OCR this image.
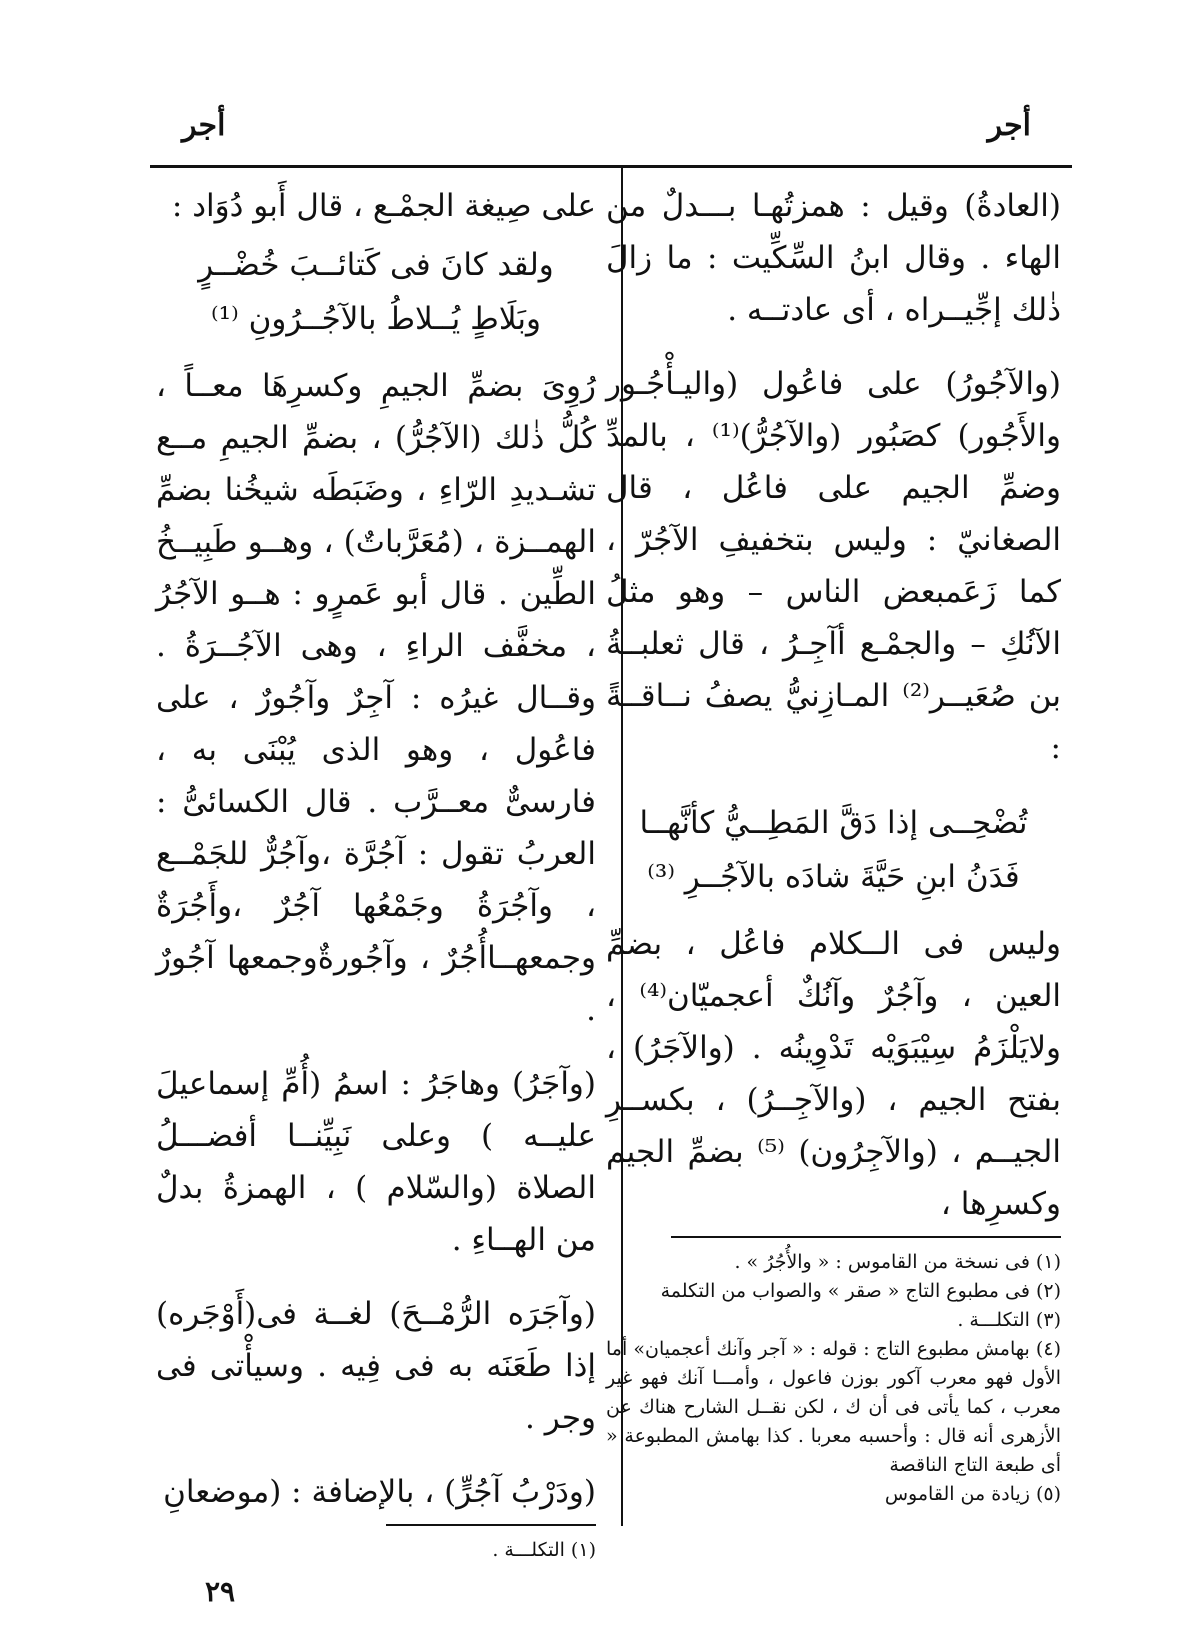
أجر
أجر

(العادةُ) وقيل : همزتُهـا بـــدلٌ من الهاء . وقال ابنُ السِّكِّيت : ما زالَ ذٰلك إجِّيــراه ، أى عادتــه .

(والآجُورُ) على فاعُول (واليـأْجُـور والأَجُور) كصَبُور (والآجُرُّ)⁽¹⁾ ، بالمدِّ وضمِّ الجيم على فاعُل ، قال الصغانيّ : وليس بتخفيفِ الآجُرّ ، كما زَعَمبعض الناس – وهو مثلُ الآنُكِ – والجمْـع أآجِـرُ ، قال ثعلبــةُ بن صُعَيــر⁽²⁾ المـازِنيُّ يصفُ نــاقــةً :

تُضْحِــى إذا دَقَّ المَطِــيُّ كأنَّهــا
فَدَنُ ابنِ حَيَّةَ شادَه بالآجُــرِ ⁽³⁾

وليس فى الــكلام فاعُل ، بضمِّ العين ، وآجُرٌ وآنُكٌ أعجميّان⁽⁴⁾ ، ولايَلْزَمُ سِيْبَوَيْه تَدْوِينُه . (والآجَرُ) ، بفتح الجيم ، (والآجِــرُ) ، بكســرِ الجيــم ، (والآجِرُون) ⁽⁵⁾ بضمِّ الجيم وكسرِها ،

(١) فى نسخة من القاموس : « والأُجُرُ » .
(٢) فى مطبوع التاج « صقر » والصواب من التكلمة
(٣) التكلـــة .
(٤) بهامش مطبوع التاج : قوله : « آجر وآنك أعجميان» أما الأول فهو معرب آكور بوزن فاعول ، وأمـــا آنك فهو غير معرب ، كما يأتى فى أن ك ، لكن نقــل الشارح هناك عن الأزهرى أنه قال : وأحسبه معربا . كذا بهامش المطبوعة « أى طبعة التاج الناقصة
(٥) زيادة من القاموس

على صِيغة الجمْـع ، قال أَبو دُوَاد :

ولقد كانَ فى كَتائــبَ خُضْــرٍ
وبَلَاطٍ يُــلاطُ بالآجُــرُونِ ⁽¹⁾

رُوِىَ بضمِّ الجيمِ وكسرِهَا معــاً ، كُلُّ ذٰلك (الآجُرُّ) ، بضمِّ الجيمِ مــع تشـديدِ الرّاءِ ، وضَبَطَه شيخُنا بضمِّ الهمــزة ، (مُعَرَّباتٌ) ، وهــو طَبِيــخُ الطِّين . قال أبو عَمرٍو : هــو الآجُرُ ، مخفَّف الراءِ ، وهى الآجُــرَةُ . وقــال غيرُه : آجِرٌ وآجُورٌ ، على فاعُول ، وهو الذى يُبْنَى به ، فارسىٌّ معــرَّب . قال الكسائىُّ : العربُ تقول : آجُرَّة ،وآجُرٌّ للجَمْــع ، وآجُرَةُ وجَمْعُها آجُرٌ ،وأَجُرَةٌ وجمعهــاأُجُرٌ ، وآجُورةٌوجمعها آجُورٌ .

(وآجَرُ) وهاجَرُ : اسمُ (أُمِّ إسماعيلَ عليــه ) وعلى نَبِيِّنــا أفضـــلُ الصلاة (والسّلام ) ، الهمزةُ بدلٌ من الهــاءِ .

(وآجَرَه الرُّمْــحَ) لغــة فى(أَوْجَره) إذا طَعَنَه به فى فِيه . وسيأْتى فى وجر .

(ودَرْبُ آجُرٍّ) ، بالإضافة : (موضعانِ

(١) التكلـــة .
٢٩
